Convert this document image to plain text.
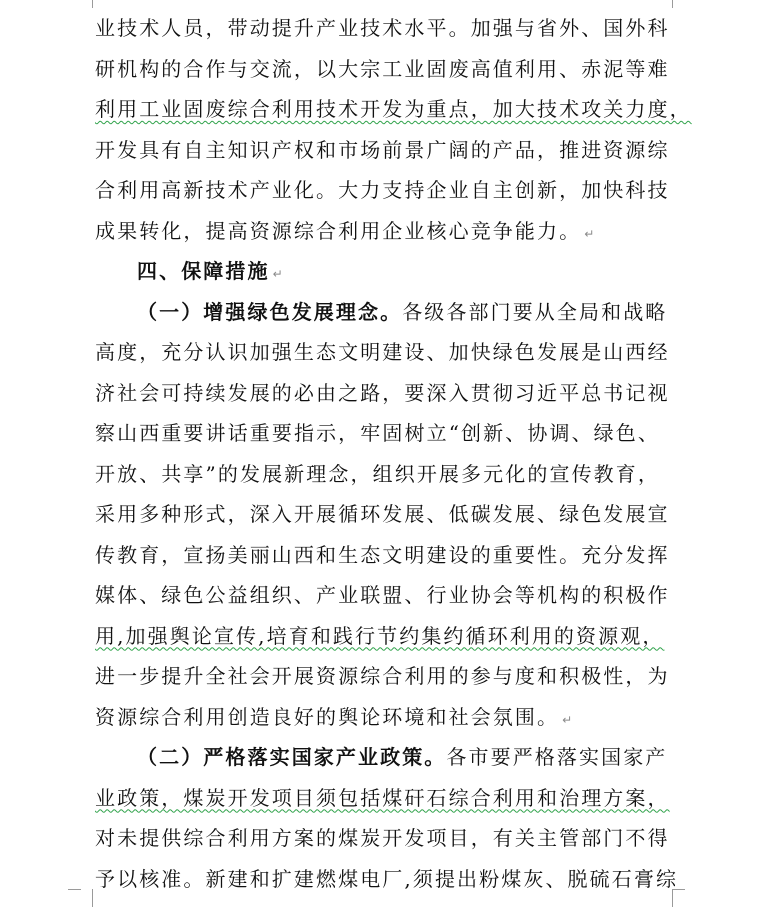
业技术人员，带动提升产业技术水平。加强与省外、国外科
研机构的合作与交流，以大宗工业固废高值利用、赤泥等难
利用工业固废综合利用技术开发为重点，加大技术攻关力度，
开发具有自主知识产权和市场前景广阔的产品，推进资源综
合利用高新技术产业化。大力支持企业自主创新，加快科技
成果转化，提高资源综合利用企业核心竞争能力。 ↵
四、保障措施 ↵
（一）增强绿色发展理念。各级各部门要从全局和战略
高度，充分认识加强生态文明建设、加快绿色发展是山西经
济社会可持续发展的必由之路，要深入贯彻习近平总书记视
察山西重要讲话重要指示，牢固树立“创新、协调、绿色、
开放、共享”的发展新理念，组织开展多元化的宣传教育，
采用多种形式，深入开展循环发展、低碳发展、绿色发展宣
传教育，宣扬美丽山西和生态文明建设的重要性。充分发挥
媒体、绿色公益组织、产业联盟、行业协会等机构的积极作
用,加强舆论宣传,培育和践行节约集约循环利用的资源观，
进一步提升全社会开展资源综合利用的参与度和积极性，为
资源综合利用创造良好的舆论环境和社会氛围。 ↵
（二）严格落实国家产业政策。各市要严格落实国家产
业政策，煤炭开发项目须包括煤矸石综合利用和治理方案，
对未提供综合利用方案的煤炭开发项目，有关主管部门不得
予以核准。新建和扩建燃煤电厂,须提出粉煤灰、脱硫石膏综
